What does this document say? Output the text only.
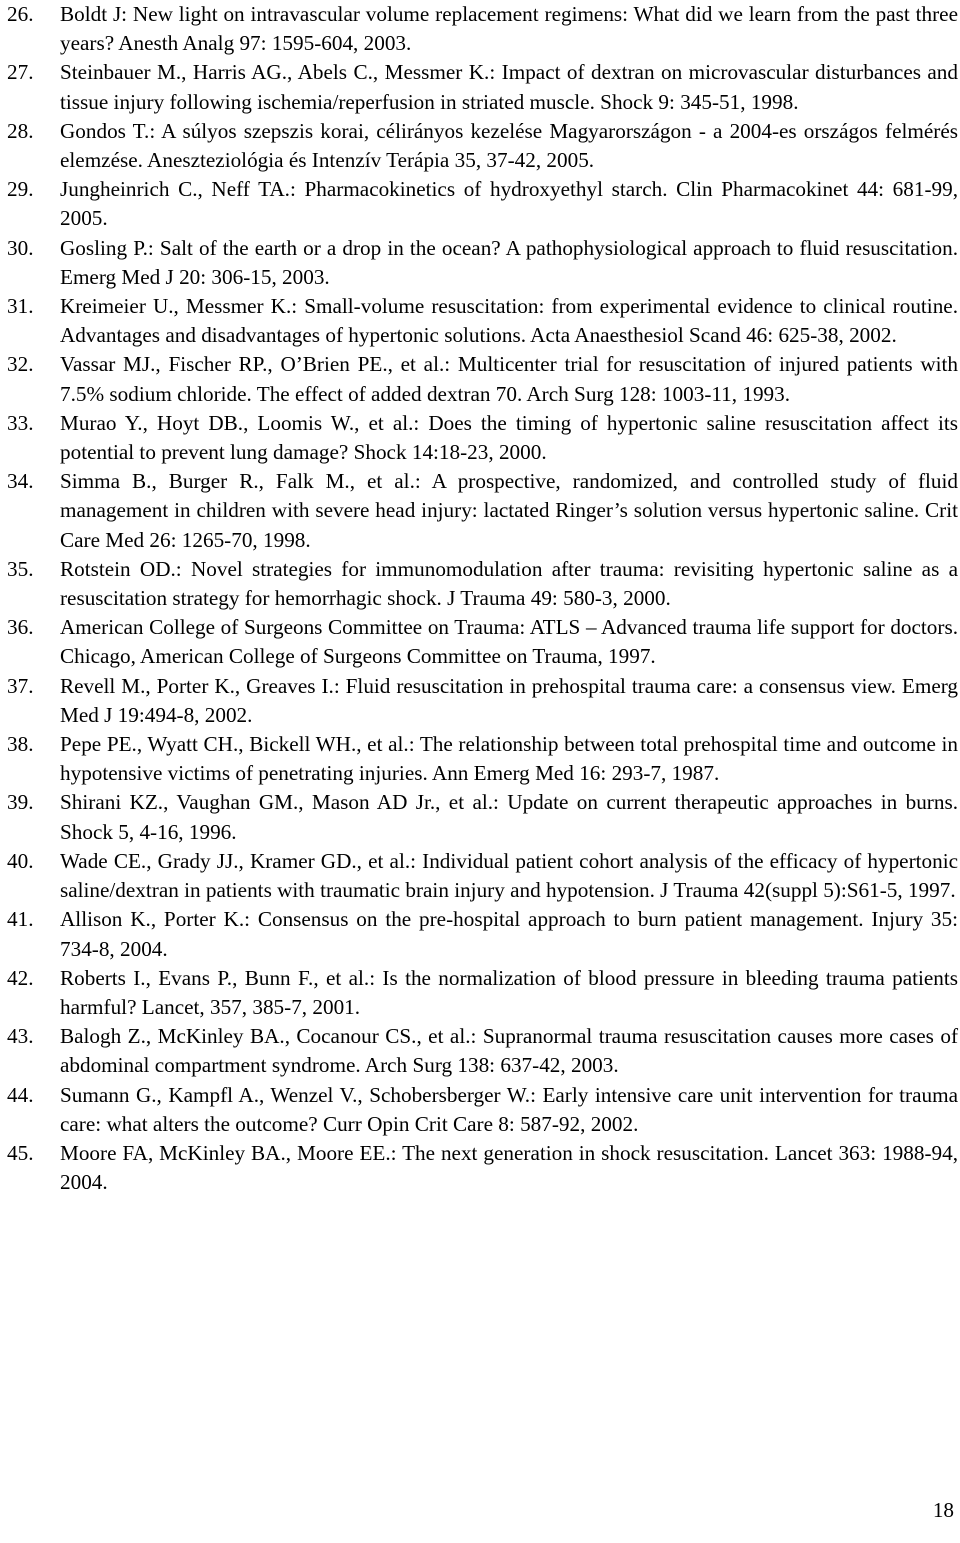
26.	Boldt J: New light on intravascular volume replacement regimens: What did we learn from the past three years? Anesth Analg 97: 1595-604, 2003.
27.	Steinbauer M., Harris AG., Abels C., Messmer K.: Impact of dextran on microvascular disturbances and tissue injury following ischemia/reperfusion in striated muscle. Shock 9: 345-51, 1998.
28.	Gondos T.: A súlyos szepszis korai, célirányos kezelése Magyarországon - a 2004-es országos felmérés elemzése. Aneszteziológia és Intenzív Terápia 35, 37-42, 2005.
29.	Jungheinrich C., Neff TA.: Pharmacokinetics of hydroxyethyl starch. Clin Pharmacokinet 44: 681-99, 2005.
30.	Gosling P.: Salt of the earth or a drop in the ocean? A pathophysiological approach to fluid resuscitation. Emerg Med J 20: 306-15, 2003.
31.	Kreimeier U., Messmer K.: Small-volume resuscitation: from experimental evidence to clinical routine. Advantages and disadvantages of hypertonic solutions. Acta Anaesthesiol Scand 46: 625-38, 2002.
32.	Vassar MJ., Fischer RP., O’Brien PE., et al.: Multicenter trial for resuscitation of injured patients with 7.5% sodium chloride. The effect of added dextran 70. Arch Surg 128: 1003-11, 1993.
33.	Murao Y., Hoyt DB., Loomis W., et al.: Does the timing of hypertonic saline resuscitation affect its potential to prevent lung damage? Shock 14:18-23, 2000.
34.	Simma B., Burger R., Falk M., et al.: A prospective, randomized, and controlled study of fluid management in children with severe head injury: lactated Ringer’s solution versus hypertonic saline. Crit Care Med 26: 1265-70, 1998.
35.	Rotstein OD.: Novel strategies for immunomodulation after trauma: revisiting hypertonic saline as a resuscitation strategy for hemorrhagic shock. J Trauma 49: 580-3, 2000.
36.	American College of Surgeons Committee on Trauma: ATLS – Advanced trauma life support for doctors. Chicago, American College of Surgeons Committee on Trauma, 1997.
37.	Revell M., Porter K., Greaves I.: Fluid resuscitation in prehospital trauma care: a consensus view. Emerg Med J 19:494-8, 2002.
38.	Pepe PE., Wyatt CH., Bickell WH., et al.: The relationship between total prehospital time and outcome in hypotensive victims of penetrating injuries. Ann Emerg Med 16: 293-7, 1987.
39.	Shirani KZ., Vaughan GM., Mason AD Jr., et al.: Update on current therapeutic approaches in burns. Shock 5, 4-16, 1996.
40.	Wade CE., Grady JJ., Kramer GD., et al.: Individual patient cohort analysis of the efficacy of hypertonic saline/dextran in patients with traumatic brain injury and hypotension. J Trauma 42(suppl 5):S61-5, 1997.
41.	Allison K., Porter K.: Consensus on the pre-hospital approach to burn patient management. Injury 35: 734-8, 2004.
42.	Roberts I., Evans P., Bunn F., et al.: Is the normalization of blood pressure in bleeding trauma patients harmful? Lancet, 357, 385-7, 2001.
43.	Balogh Z., McKinley BA., Cocanour CS., et al.: Supranormal trauma resuscitation causes more cases of abdominal compartment syndrome. Arch Surg 138: 637-42, 2003.
44.	Sumann G., Kampfl A., Wenzel V., Schobersberger W.: Early intensive care unit intervention for trauma care: what alters the outcome? Curr Opin Crit Care 8: 587-92, 2002.
45.	Moore FA, McKinley BA., Moore EE.: The next generation in shock resuscitation. Lancet 363: 1988-94, 2004.
18
